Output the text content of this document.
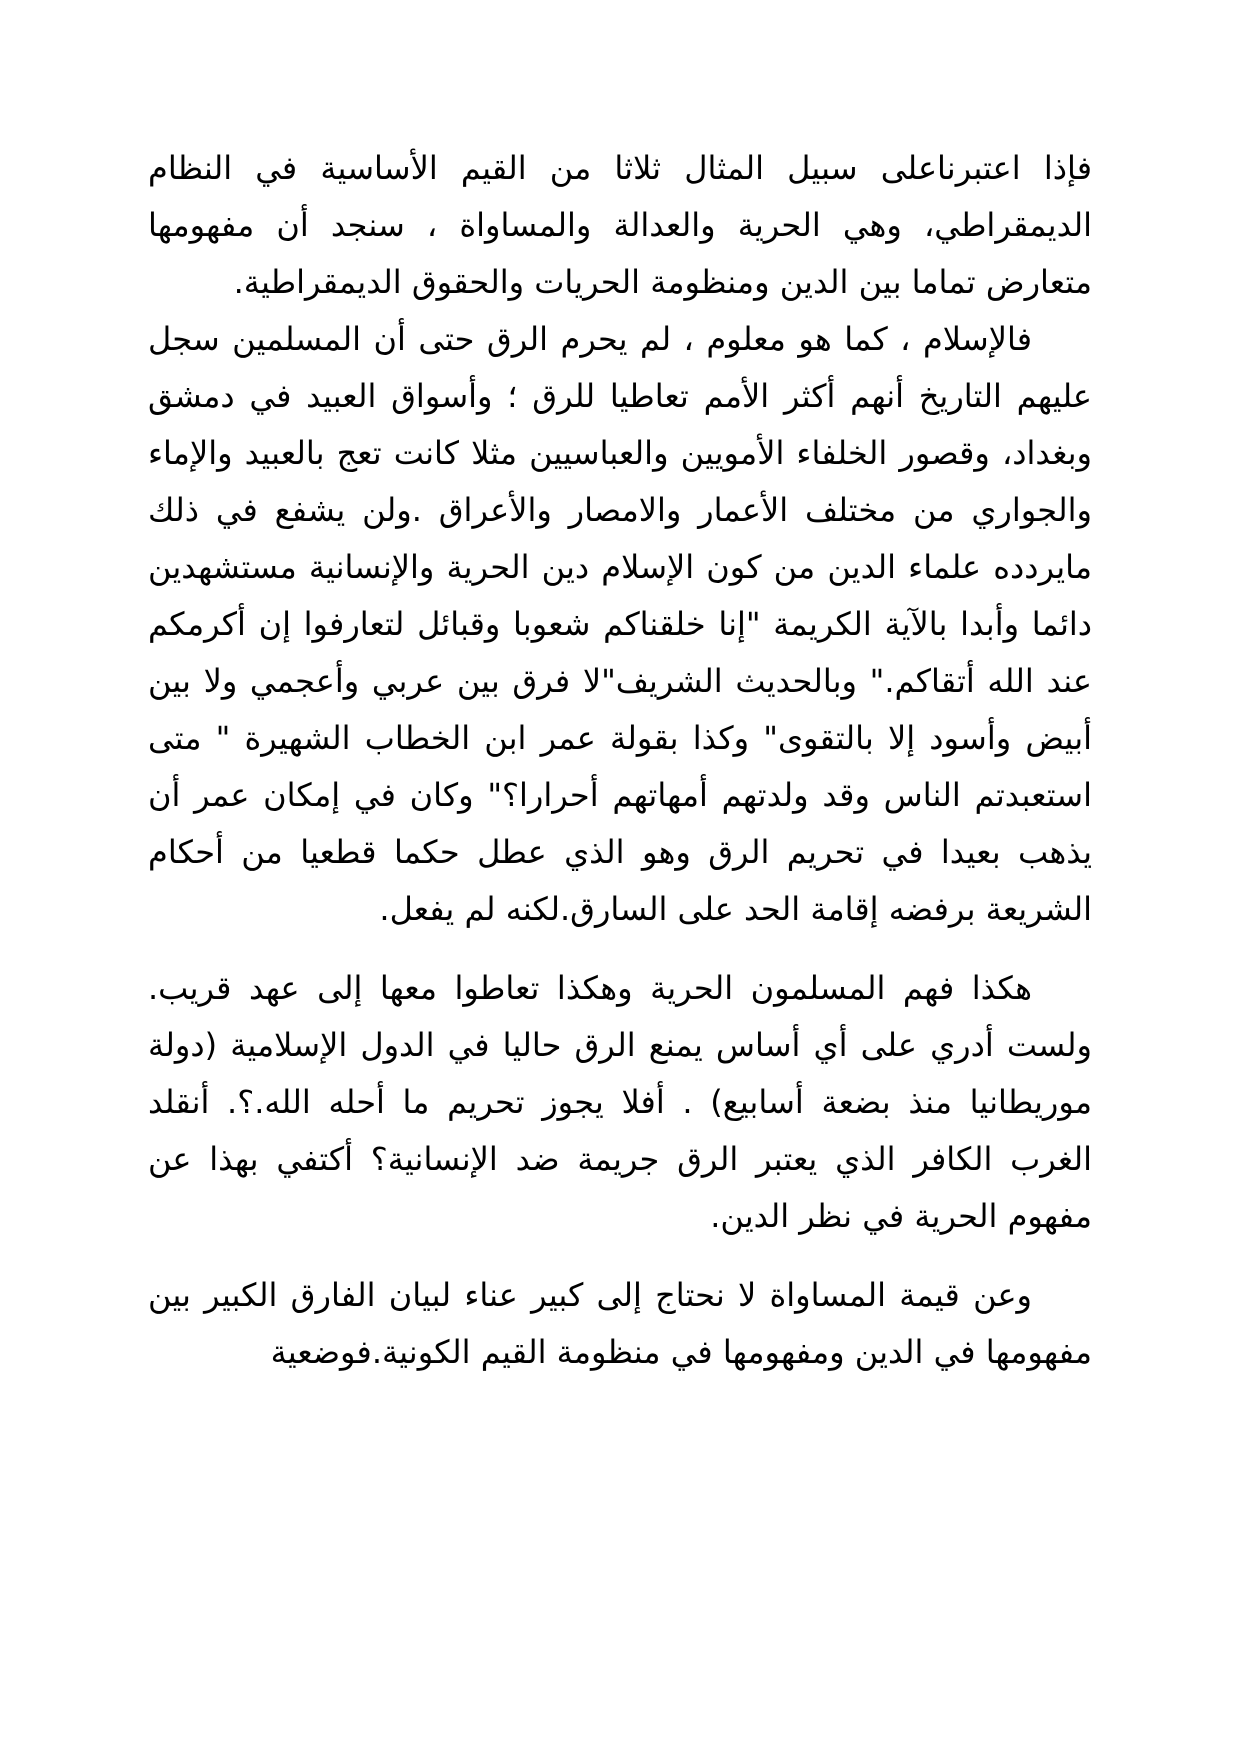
فإذا اعتبرناعلى سبيل المثال ثلاثا من القيم الأساسية في النظام الديمقراطي، وهي الحرية والعدالة والمساواة ، سنجد أن مفهومها متعارض تماما بين الدين ومنظومة الحريات والحقوق الديمقراطية.

فالإسلام ، كما هو معلوم ، لم يحرم الرق حتى أن المسلمين سجل عليهم التاريخ أنهم أكثر الأمم تعاطيا للرق ؛ وأسواق العبيد في دمشق وبغداد، وقصور الخلفاء الأمويين والعباسيين مثلا كانت تعج بالعبيد والإماء والجواري من مختلف الأعمار والامصار والأعراق .ولن يشفع في ذلك مايردده علماء الدين من كون الإسلام دين الحرية والإنسانية مستشهدين دائما وأبدا بالآية الكريمة "إنا خلقناكم شعوبا وقبائل لتعارفوا إن أكرمكم عند الله أتقاكم." وبالحديث الشريف"لا فرق بين عربي وأعجمي ولا بين أبيض وأسود إلا بالتقوى" وكذا بقولة عمر ابن الخطاب الشهيرة " متى استعبدتم الناس وقد ولدتهم أمهاتهم أحرارا؟" وكان في إمكان عمر أن يذهب بعيدا في تحريم الرق وهو الذي عطل حكما قطعيا من أحكام الشريعة برفضه إقامة الحد على السارق.لكنه لم يفعل.

هكذا فهم المسلمون الحرية وهكذا تعاطوا معها إلى عهد قريب. ولست أدري على أي أساس يمنع الرق حاليا في الدول الإسلامية (دولة موريطانيا منذ بضعة أسابيع) . أفلا يجوز تحريم ما أحله الله.؟. أنقلد الغرب الكافر الذي يعتبر الرق جريمة ضد الإنسانية؟ أكتفي بهذا عن مفهوم الحرية في نظر الدين.

وعن قيمة المساواة لا نحتاج إلى كبير عناء لبيان الفارق الكبير بين مفهومها في الدين ومفهومها في منظومة القيم الكونية.فوضعية
